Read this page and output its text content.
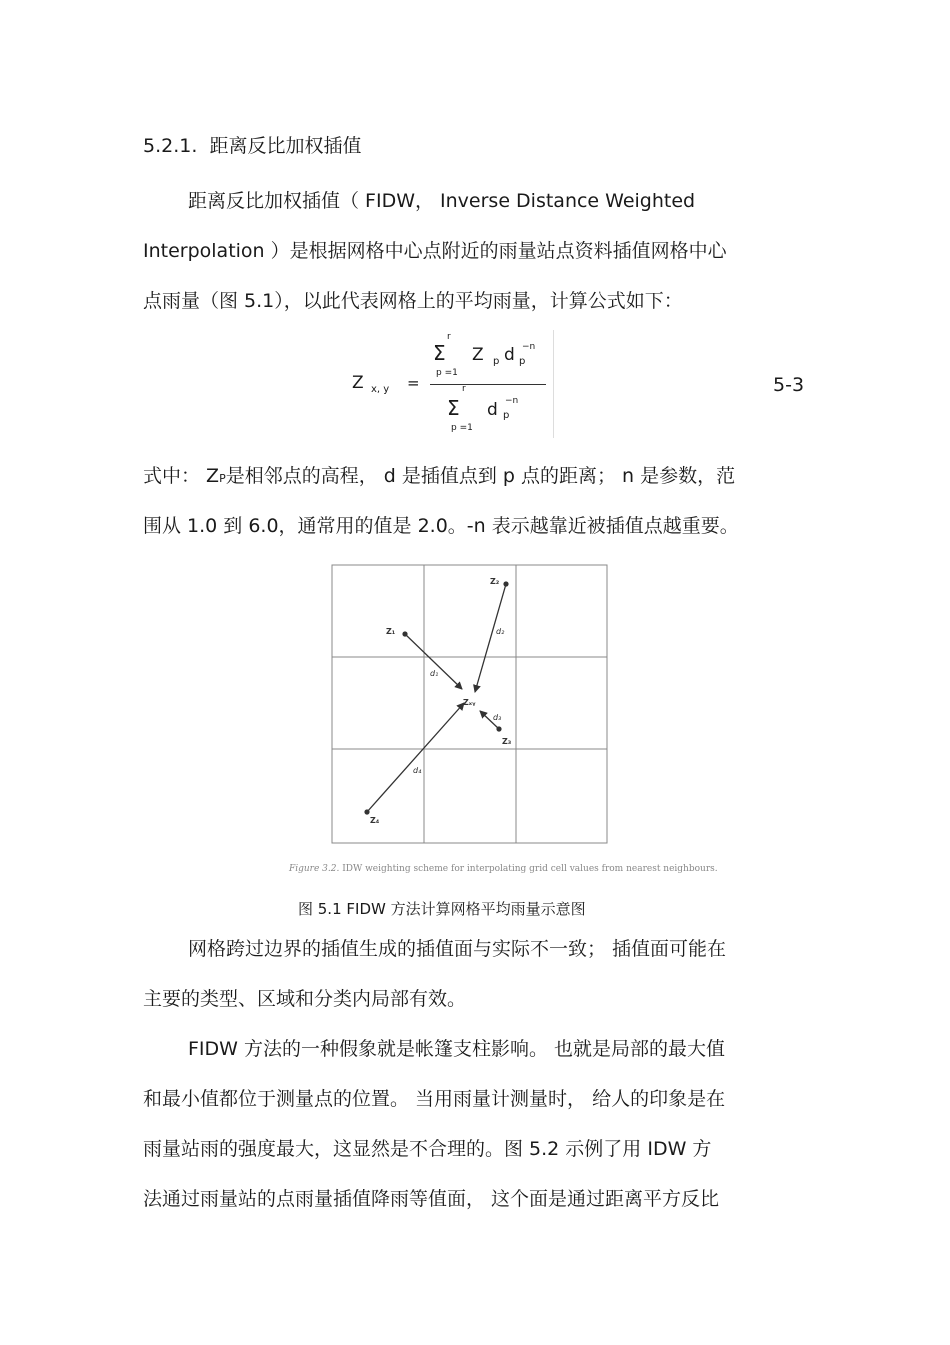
5.2.1. 距离反比加权插值
距离反比加权插值（ FIDW， Inverse Distance Weighted
Interpolation ）是根据网格中心点附近的雨量站点资料插值网格中心
点雨量（图 5.1），以此代表网格上的平均雨量，计算公式如下：
Z x, y =
r
Σ
p =1
Z p d −n
p
r
Σ
p =1
d −n
p
5-3
式中： ZP是相邻点的高程， d 是插值点到 p 点的距离； n 是参数，范
围从 1.0 到 6.0，通常用的值是 2.0。-n 表示越靠近被插值点越重要。
Z₁
Z₂
Z₃
Z₄
Zₓᵧ
d₁
d₂
d₃
d₄
Figure 3.2. IDW weighting scheme for interpolating grid cell values from nearest neighbours.
图 5.1 FIDW 方法计算网格平均雨量示意图
网格跨过边界的插值生成的插值面与实际不一致； 插值面可能在
主要的类型、区域和分类内局部有效。
FIDW 方法的一种假象就是帐篷支柱影响。 也就是局部的最大值
和最小值都位于测量点的位置。 当用雨量计测量时， 给人的印象是在
雨量站雨的强度最大，这显然是不合理的。图 5.2 示例了用 IDW 方
法通过雨量站的点雨量插值降雨等值面， 这个面是通过距离平方反比
